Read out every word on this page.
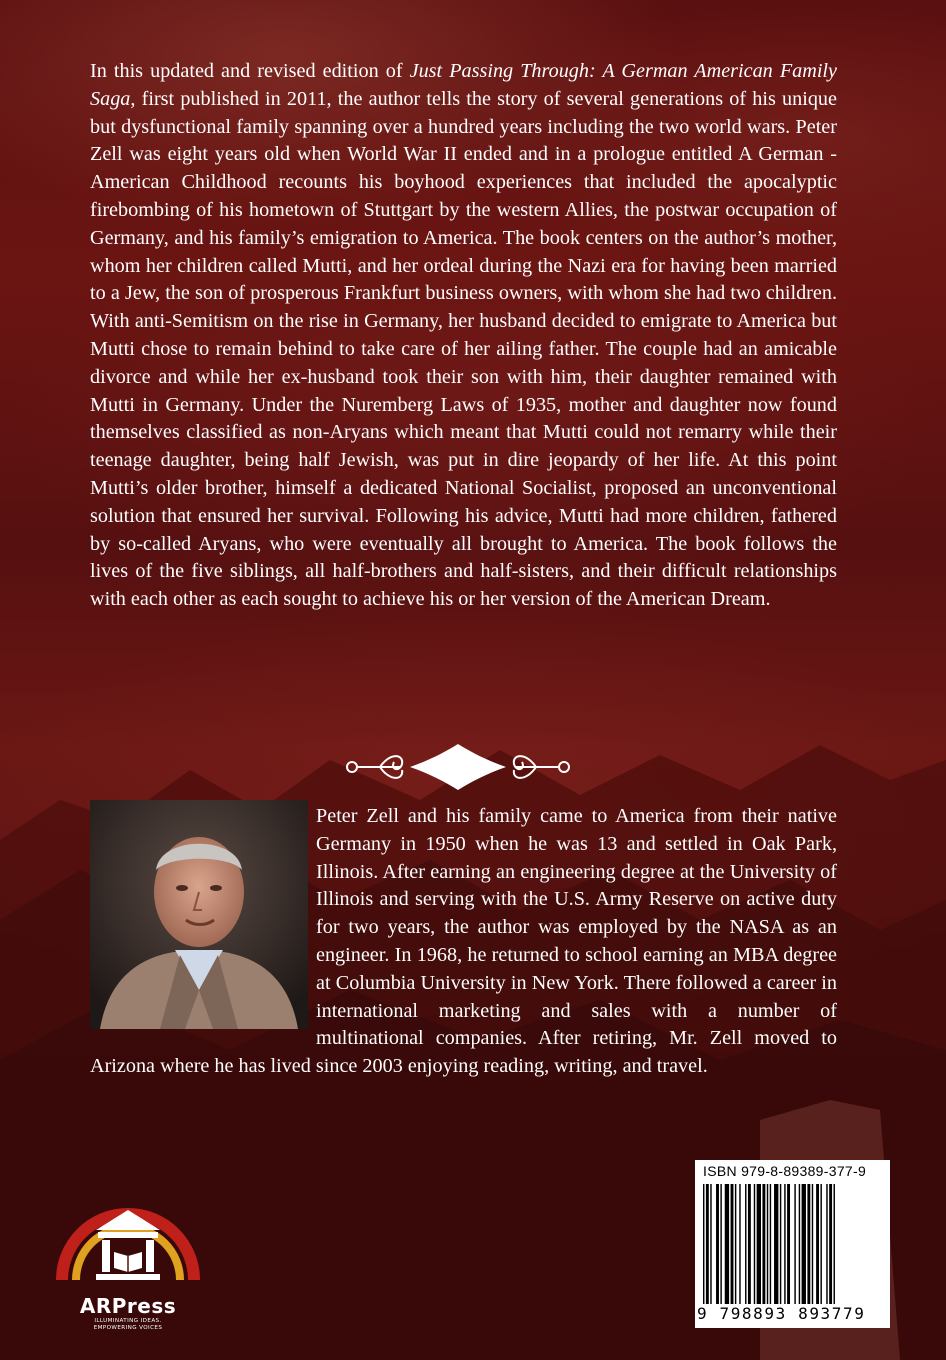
In this updated and revised edition of Just Passing Through: A German American Family Saga, first published in 2011, the author tells the story of several generations of his unique but dysfunctional family spanning over a hundred years including the two world wars. Peter Zell was eight years old when World War II ended and in a prologue entitled A German - American Childhood recounts his boyhood experiences that included the apocalyptic firebombing of his hometown of Stuttgart by the western Allies, the postwar occupation of Germany, and his family’s emigration to America. The book centers on the author’s mother, whom her children called Mutti, and her ordeal during the Nazi era for having been married to a Jew, the son of prosperous Frankfurt business owners, with whom she had two children. With anti-Semitism on the rise in Germany, her husband decided to emigrate to America but Mutti chose to remain behind to take care of her ailing father. The couple had an amicable divorce and while her ex-husband took their son with him, their daughter remained with Mutti in Germany. Under the Nuremberg Laws of 1935, mother and daughter now found themselves classified as non-Aryans which meant that Mutti could not remarry while their teenage daughter, being half Jewish, was put in dire jeopardy of her life. At this point Mutti’s older brother, himself a dedicated National Socialist, proposed an unconventional solution that ensured her survival. Following his advice, Mutti had more children, fathered by so-called Aryans, who were eventually all brought to America. The book follows the lives of the five siblings, all half-brothers and half-sisters, and their difficult relationships with each other as each sought to achieve his or her version of the American Dream.

Peter Zell and his family came to America from their native Germany in 1950 when he was 13 and settled in Oak Park, Illinois. After earning an engineering degree at the University of Illinois and serving with the U.S. Army Reserve on active duty for two years, the author was employed by the NASA as an engineer. In 1968, he returned to school earning an MBA degree at Columbia University in New York. There followed a career in international marketing and sales with a number of multinational companies. After retiring, Mr. Zell moved to Arizona where he has lived since 2003 enjoying reading, writing, and travel.

ARPress
ILLUMINATING IDEAS.
EMPOWERING VOICES
ISBN 979-8-89389-377-9
9 798893 893779
